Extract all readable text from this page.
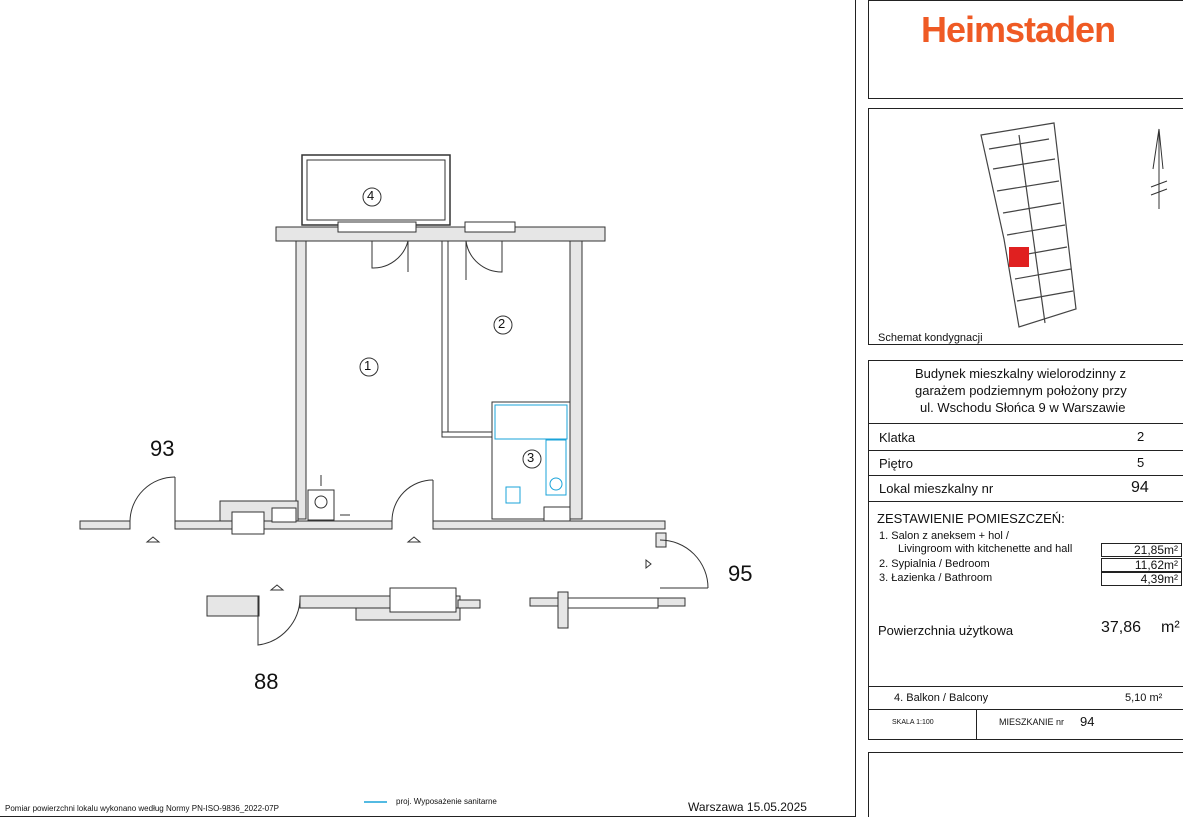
1
2
3
4
93
95
88
Pomiar powierzchni lokalu wykonano według Normy PN-ISO-9836_2022-07P
proj. Wyposażenie sanitarne	Warszawa 15.05.2025
Heimstaden
Schemat kondygnacji
Budynek mieszkalny wielorodzinny z
garażem podziemnym położony przy
ul. Wschodu Słońca 9 w Warszawie
Klatka	2
Piętro	5
Lokal mieszkalny nr	94
ZESTAWIENIE POMIESZCZEŃ:
1. Salon z aneksem + hol /
Livingroom with kitchenette and hall	21,85m²
2. Sypialnia / Bedroom	11,62m²
3. Łazienka / Bathroom	4,39m²
Powierzchnia użytkowa	37,86 m²
4. Balkon / Balcony	5,10 m²
SKALA 1:100	MIESZKANIE nr 94
